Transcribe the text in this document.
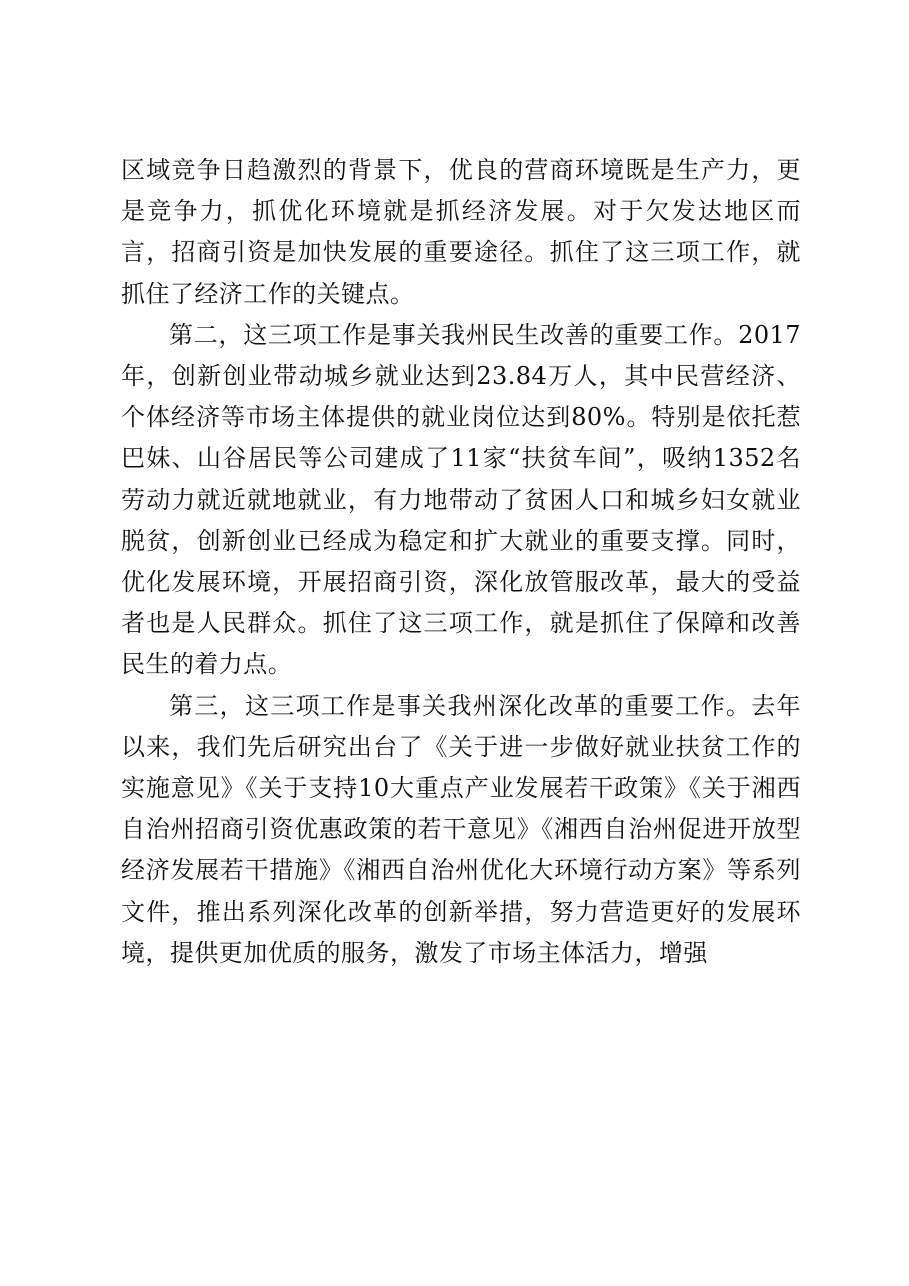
区域竞争日趋激烈的背景下，优良的营商环境既是生产力，更是竞争力，抓优化环境就是抓经济发展。对于欠发达地区而言，招商引资是加快发展的重要途径。抓住了这三项工作，就抓住了经济工作的关键点。

第二，这三项工作是事关我州民生改善的重要工作。2017年，创新创业带动城乡就业达到23.84万人，其中民营经济、个体经济等市场主体提供的就业岗位达到80%。特别是依托惹巴妹、山谷居民等公司建成了11家“扶贫车间”，吸纳1352名劳动力就近就地就业，有力地带动了贫困人口和城乡妇女就业脱贫，创新创业已经成为稳定和扩大就业的重要支撑。同时，优化发展环境，开展招商引资，深化放管服改革，最大的受益者也是人民群众。抓住了这三项工作，就是抓住了保障和改善民生的着力点。

第三，这三项工作是事关我州深化改革的重要工作。去年以来，我们先后研究出台了《关于进一步做好就业扶贫工作的实施意见》《关于支持10大重点产业发展若干政策》《关于湘西自治州招商引资优惠政策的若干意见》《湘西自治州促进开放型经济发展若干措施》《湘西自治州优化大环境行动方案》等系列文件，推出系列深化改革的创新举措，努力营造更好的发展环境，提供更加优质的服务，激发了市场主体活力，增强
